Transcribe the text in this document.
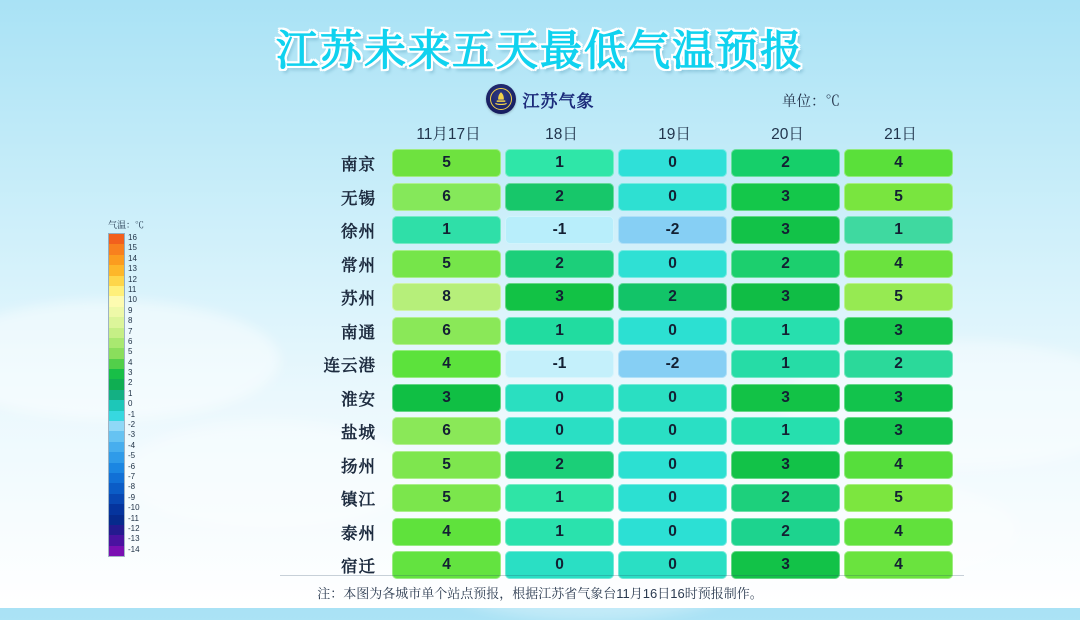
江苏未来五天最低气温预报
江苏气象	单位：℃
气温：℃
16
15
14
13
12
11
10
9
8
7
6
5
4
3
2
1
0
-1
-2
-3
-4
-5
-6
-7
-8
-9
-10
-11
-12
-13
-14
11月17日	18日	19日	20日	21日
南京	5	1	0	2	4
无锡	6	2	0	3	5
徐州	1	-1	-2	3	1
常州	5	2	0	2	4
苏州	8	3	2	3	5
南通	6	1	0	1	3
连云港	4	-1	-2	1	2
淮安	3	0	0	3	3
盐城	6	0	0	1	3
扬州	5	2	0	3	4
镇江	5	1	0	2	5
泰州	4	1	0	2	4
宿迁	4	0	0	3	4
注：本图为各城市单个站点预报，根据江苏省气象台11月16日16时预报制作。
